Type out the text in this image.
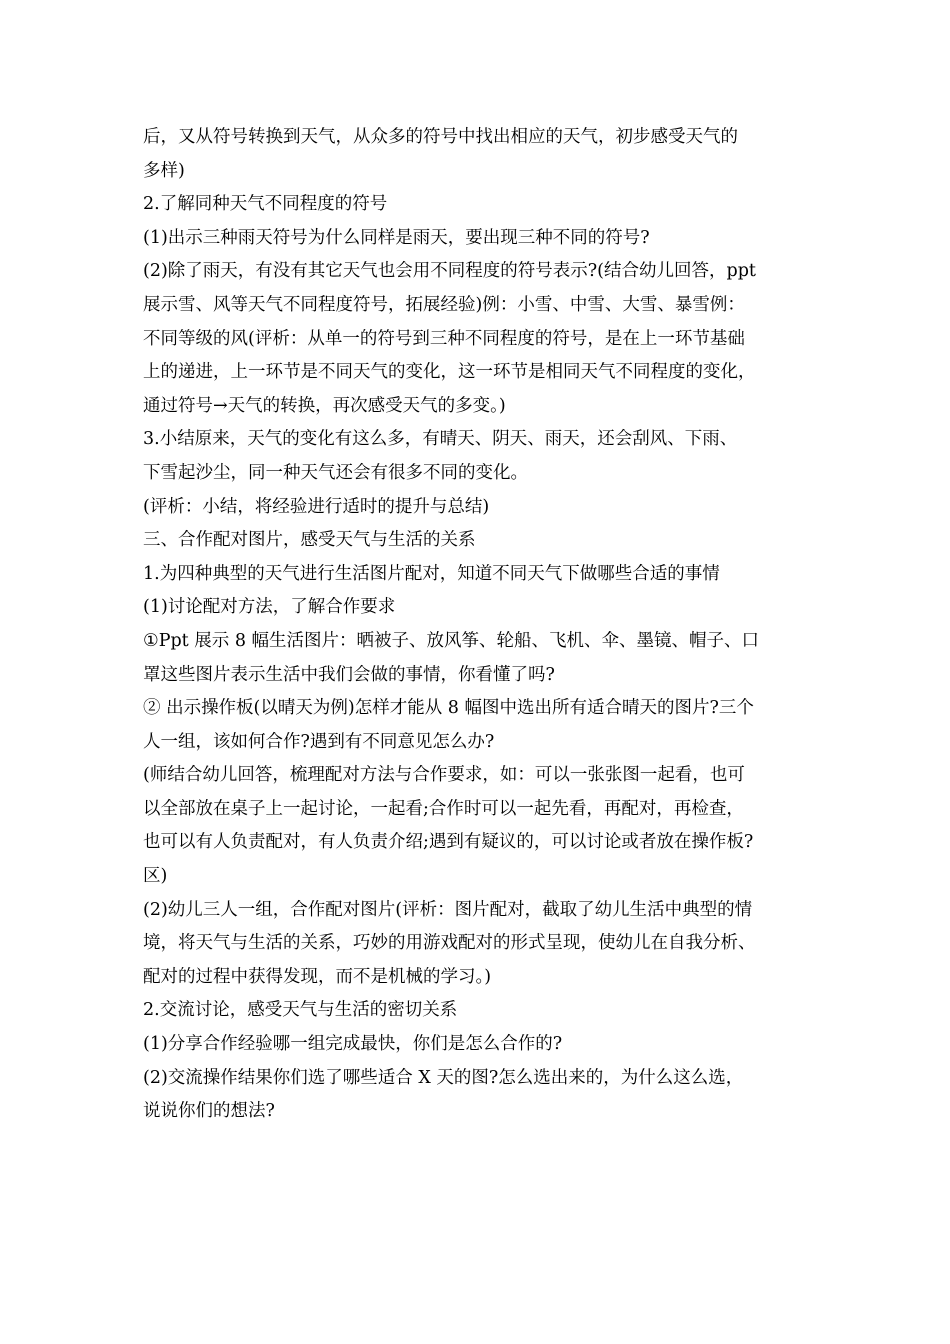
后，又从符号转换到天气，从众多的符号中找出相应的天气，初步感受天气的
多样)
2.了解同种天气不同程度的符号
(1)出示三种雨天符号为什么同样是雨天，要出现三种不同的符号?
(2)除了雨天，有没有其它天气也会用不同程度的符号表示?(结合幼儿回答，ppt
展示雪、风等天气不同程度符号，拓展经验)例：小雪、中雪、大雪、暴雪例：
不同等级的风(评析：从单一的符号到三种不同程度的符号，是在上一环节基础
上的递进，上一环节是不同天气的变化，这一环节是相同天气不同程度的变化，
通过符号→天气的转换，再次感受天气的多变。)
3.小结原来，天气的变化有这么多，有晴天、阴天、雨天，还会刮风、下雨、
下雪起沙尘，同一种天气还会有很多不同的变化。
(评析：小结，将经验进行适时的提升与总结)
三、合作配对图片，感受天气与生活的关系
1.为四种典型的天气进行生活图片配对，知道不同天气下做哪些合适的事情
(1)讨论配对方法，了解合作要求
①Ppt 展示 8 幅生活图片：晒被子、放风筝、轮船、飞机、伞、墨镜、帽子、口
罩这些图片表示生活中我们会做的事情，你看懂了吗?
② 出示操作板(以晴天为例)怎样才能从 8 幅图中选出所有适合晴天的图片?三个
人一组，该如何合作?遇到有不同意见怎么办?
(师结合幼儿回答，梳理配对方法与合作要求，如：可以一张张图一起看，也可
以全部放在桌子上一起讨论，一起看;合作时可以一起先看，再配对，再检查，
也可以有人负责配对，有人负责介绍;遇到有疑议的，可以讨论或者放在操作板?
区)
(2)幼儿三人一组，合作配对图片(评析：图片配对，截取了幼儿生活中典型的情
境，将天气与生活的关系，巧妙的用游戏配对的形式呈现，使幼儿在自我分析、
配对的过程中获得发现，而不是机械的学习。)
2.交流讨论，感受天气与生活的密切关系
(1)分享合作经验哪一组完成最快，你们是怎么合作的?
(2)交流操作结果你们选了哪些适合 X 天的图?怎么选出来的，为什么这么选，
说说你们的想法?
